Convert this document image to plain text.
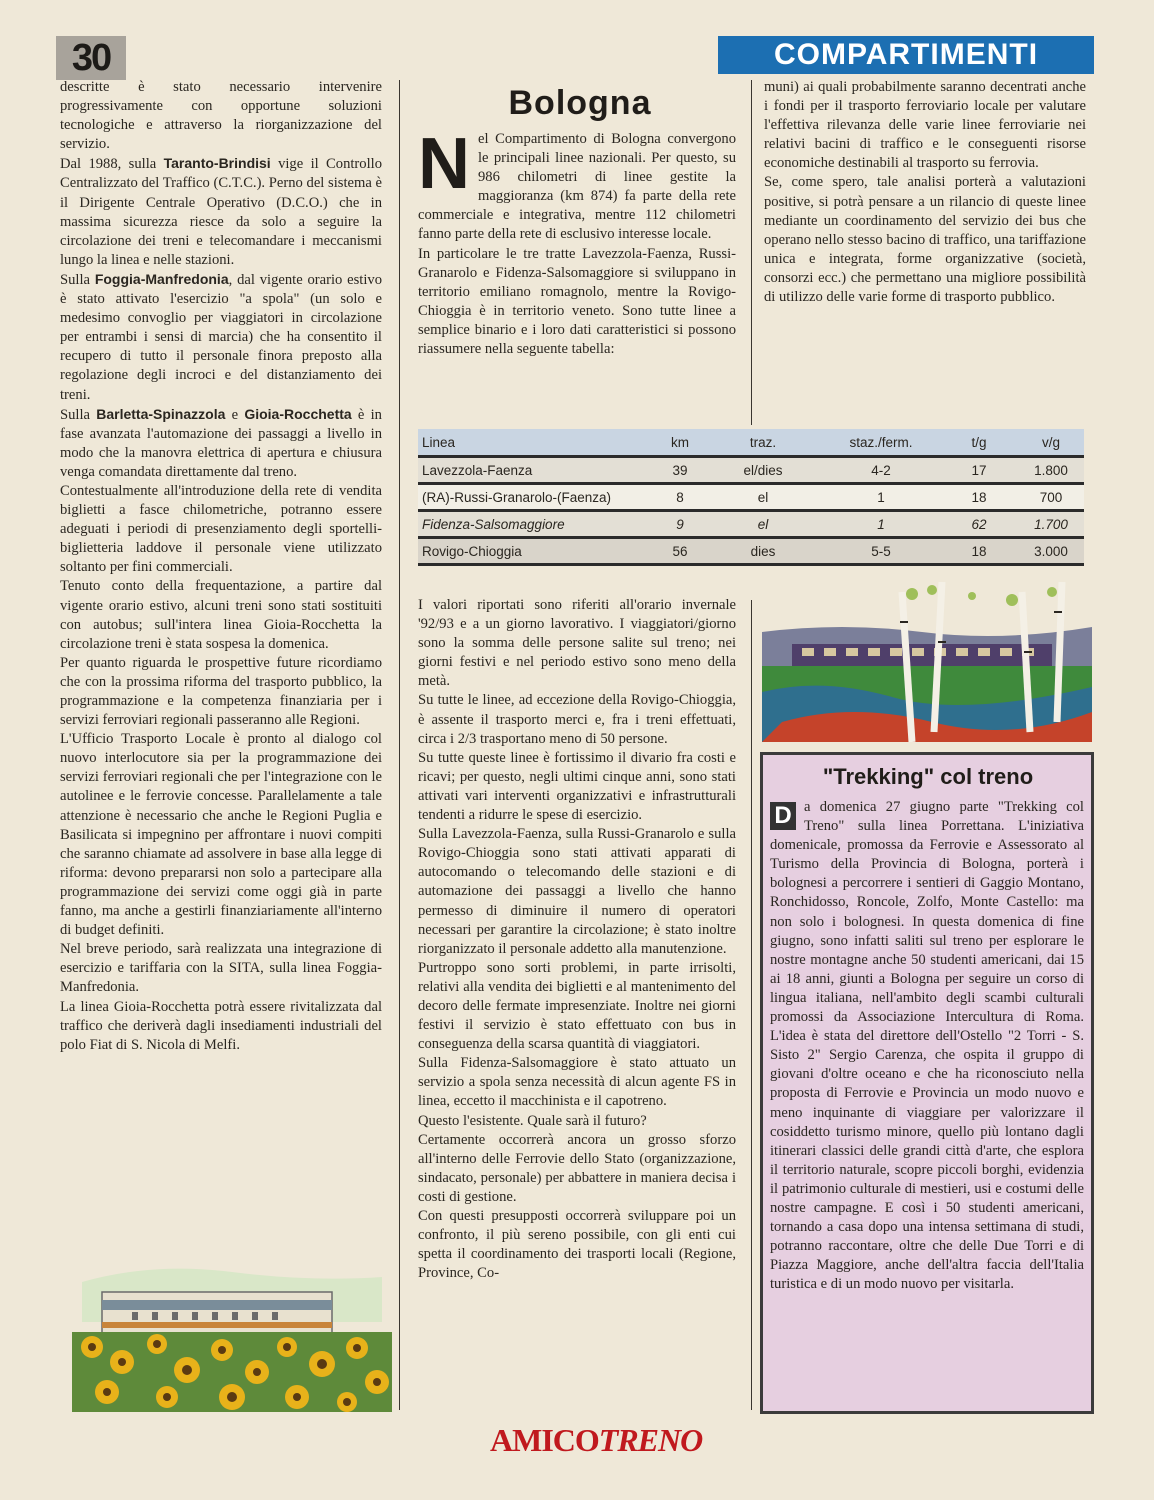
30	COMPARTIMENTI

descritte è stato necessario intervenire progressivamente con opportune soluzioni tecnologiche e attraverso la riorganizzazione del servizio.

Dal 1988, sulla Taranto-Brindisi vige il Controllo Centralizzato del Traffico (C.T.C.). Perno del sistema è il Dirigente Centrale Operativo (D.C.O.) che in massima sicurezza riesce da solo a seguire la circolazione dei treni e telecomandare i meccanismi lungo la linea e nelle stazioni.

Sulla Foggia-Manfredonia, dal vigente orario estivo è stato attivato l'esercizio "a spola" (un solo e medesimo convoglio per viaggiatori in circolazione per entrambi i sensi di marcia) che ha consentito il recupero di tutto il personale finora preposto alla regolazione degli incroci e del distanziamento dei treni.

Sulla Barletta-Spinazzola e Gioia-Rocchetta è in fase avanzata l'automazione dei passaggi a livello in modo che la manovra elettrica di apertura e chiusura venga comandata direttamente dal treno.

Contestualmente all'introduzione della rete di vendita biglietti a fasce chilometriche, potranno essere adeguati i periodi di presenziamento degli sportelli-biglietteria laddove il personale viene utilizzato soltanto per fini commerciali.

Tenuto conto della frequentazione, a partire dal vigente orario estivo, alcuni treni sono stati sostituiti con autobus; sull'intera linea Gioia-Rocchetta la circolazione treni è stata sospesa la domenica.

Per quanto riguarda le prospettive future ricordiamo che con la prossima riforma del trasporto pubblico, la programmazione e la competenza finanziaria per i servizi ferroviari regionali passeranno alle Regioni.

L'Ufficio Trasporto Locale è pronto al dialogo col nuovo interlocutore sia per la programmazione dei servizi ferroviari regionali che per l'integrazione con le autolinee e le ferrovie concesse. Parallelamente a tale attenzione è necessario che anche le Regioni Puglia e Basilicata si impegnino per affrontare i nuovi compiti che saranno chiamate ad assolvere in base alla legge di riforma: devono prepararsi non solo a partecipare alla programmazione dei servizi come oggi già in parte fanno, ma anche a gestirli finanziariamente all'interno di budget definiti.

Nel breve periodo, sarà realizzata una integrazione di esercizio e tariffaria con la SITA, sulla linea Foggia-Manfredonia.

La linea Gioia-Rocchetta potrà essere rivitalizzata dal traffico che deriverà dagli insediamenti industriali del polo Fiat di S. Nicola di Melfi.

Bologna

Nel Compartimento di Bologna convergono le principali linee nazionali. Per questo, su 986 chilometri di linee gestite la maggioranza (km 874) fa parte della rete commerciale e integrativa, mentre 112 chilometri fanno parte della rete di esclusivo interesse locale.

In particolare le tre tratte Lavezzola-Faenza, Russi-Granarolo e Fidenza-Salsomaggiore si sviluppano in territorio emiliano romagnolo, mentre la Rovigo-Chioggia è in territorio veneto. Sono tutte linee a semplice binario e i loro dati caratteristici si possono riassumere nella seguente tabella:

muni) ai quali probabilmente saranno decentrati anche i fondi per il trasporto ferroviario locale per valutare l'effettiva rilevanza delle varie linee ferroviarie nei relativi bacini di traffico e le conseguenti risorse economiche destinabili al trasporto su ferrovia.

Se, come spero, tale analisi porterà a valutazioni positive, si potrà pensare a un rilancio di queste linee mediante un coordinamento del servizio dei bus che operano nello stesso bacino di traffico, una tariffazione unica e integrata, forme organizzative (società, consorzi ecc.) che permettano una migliore possibilità di utilizzo delle varie forme di trasporto pubblico.

Linea	km	traz.	staz./ferm.	t/g	v/g
Lavezzola-Faenza	39	el/dies	4-2	17	1.800
(RA)-Russi-Granarolo-(Faenza)	8	el	1	18	700
Fidenza-Salsomaggiore	9	el	1	62	1.700
Rovigo-Chioggia	56	dies	5-5	18	3.000

I valori riportati sono riferiti all'orario invernale '92/93 e a un giorno lavorativo. I viaggiatori/giorno sono la somma delle persone salite sul treno; nei giorni festivi e nel periodo estivo sono meno della metà.

Su tutte le linee, ad eccezione della Rovigo-Chioggia, è assente il trasporto merci e, fra i treni effettuati, circa i 2/3 trasportano meno di 50 persone.

Su tutte queste linee è fortissimo il divario fra costi e ricavi; per questo, negli ultimi cinque anni, sono stati attivati vari interventi organizzativi e infrastrutturali tendenti a ridurre le spese di esercizio.

Sulla Lavezzola-Faenza, sulla Russi-Granarolo e sulla Rovigo-Chioggia sono stati attivati apparati di autocomando o telecomando delle stazioni e di automazione dei passaggi a livello che hanno permesso di diminuire il numero di operatori necessari per garantire la circolazione; è stato inoltre riorganizzato il personale addetto alla manutenzione.

Purtroppo sono sorti problemi, in parte irrisolti, relativi alla vendita dei biglietti e al mantenimento del decoro delle fermate impresenziate. Inoltre nei giorni festivi il servizio è stato effettuato con bus in conseguenza della scarsa quantità di viaggiatori.

Sulla Fidenza-Salsomaggiore è stato attuato un servizio a spola senza necessità di alcun agente FS in linea, eccetto il macchinista e il capotreno.

Questo l'esistente. Quale sarà il futuro?

Certamente occorrerà ancora un grosso sforzo all'interno delle Ferrovie dello Stato (organizzazione, sindacato, personale) per abbattere in maniera decisa i costi di gestione.

Con questi presupposti occorrerà sviluppare poi un confronto, il più sereno possibile, con gli enti cui spetta il coordinamento dei trasporti locali (Regione, Province, Co-

"Trekking" col treno

D a domenica 27 giugno parte "Trekking col Treno" sulla linea Porrettana. L'iniziativa domenicale, promossa da Ferrovie e Assessorato al Turismo della Provincia di Bologna, porterà i bolognesi a percorrere i sentieri di Gaggio Montano, Ronchidosso, Roncole, Zolfo, Monte Castello: ma non solo i bolognesi. In questa domenica di fine giugno, sono infatti saliti sul treno per esplorare le nostre montagne anche 50 studenti americani, dai 15 ai 18 anni, giunti a Bologna per seguire un corso di lingua italiana, nell'ambito degli scambi culturali promossi da Associazione Intercultura di Roma. L'idea è stata del direttore dell'Ostello "2 Torri - S. Sisto 2" Sergio Carenza, che ospita il gruppo di giovani d'oltre oceano e che ha riconosciuto nella proposta di Ferrovie e Provincia un modo nuovo e meno inquinante di viaggiare per valorizzare il cosiddetto turismo minore, quello più lontano dagli itinerari classici delle grandi città d'arte, che esplora il territorio naturale, scopre piccoli borghi, evidenzia il patrimonio culturale di mestieri, usi e costumi delle nostre campagne. E così i 50 studenti americani, tornando a casa dopo una intensa settimana di studi, potranno raccontare, oltre che delle Due Torri e di Piazza Maggiore, anche dell'altra faccia dell'Italia turistica e di un modo nuovo per visitarla.

AMICOTRENO
